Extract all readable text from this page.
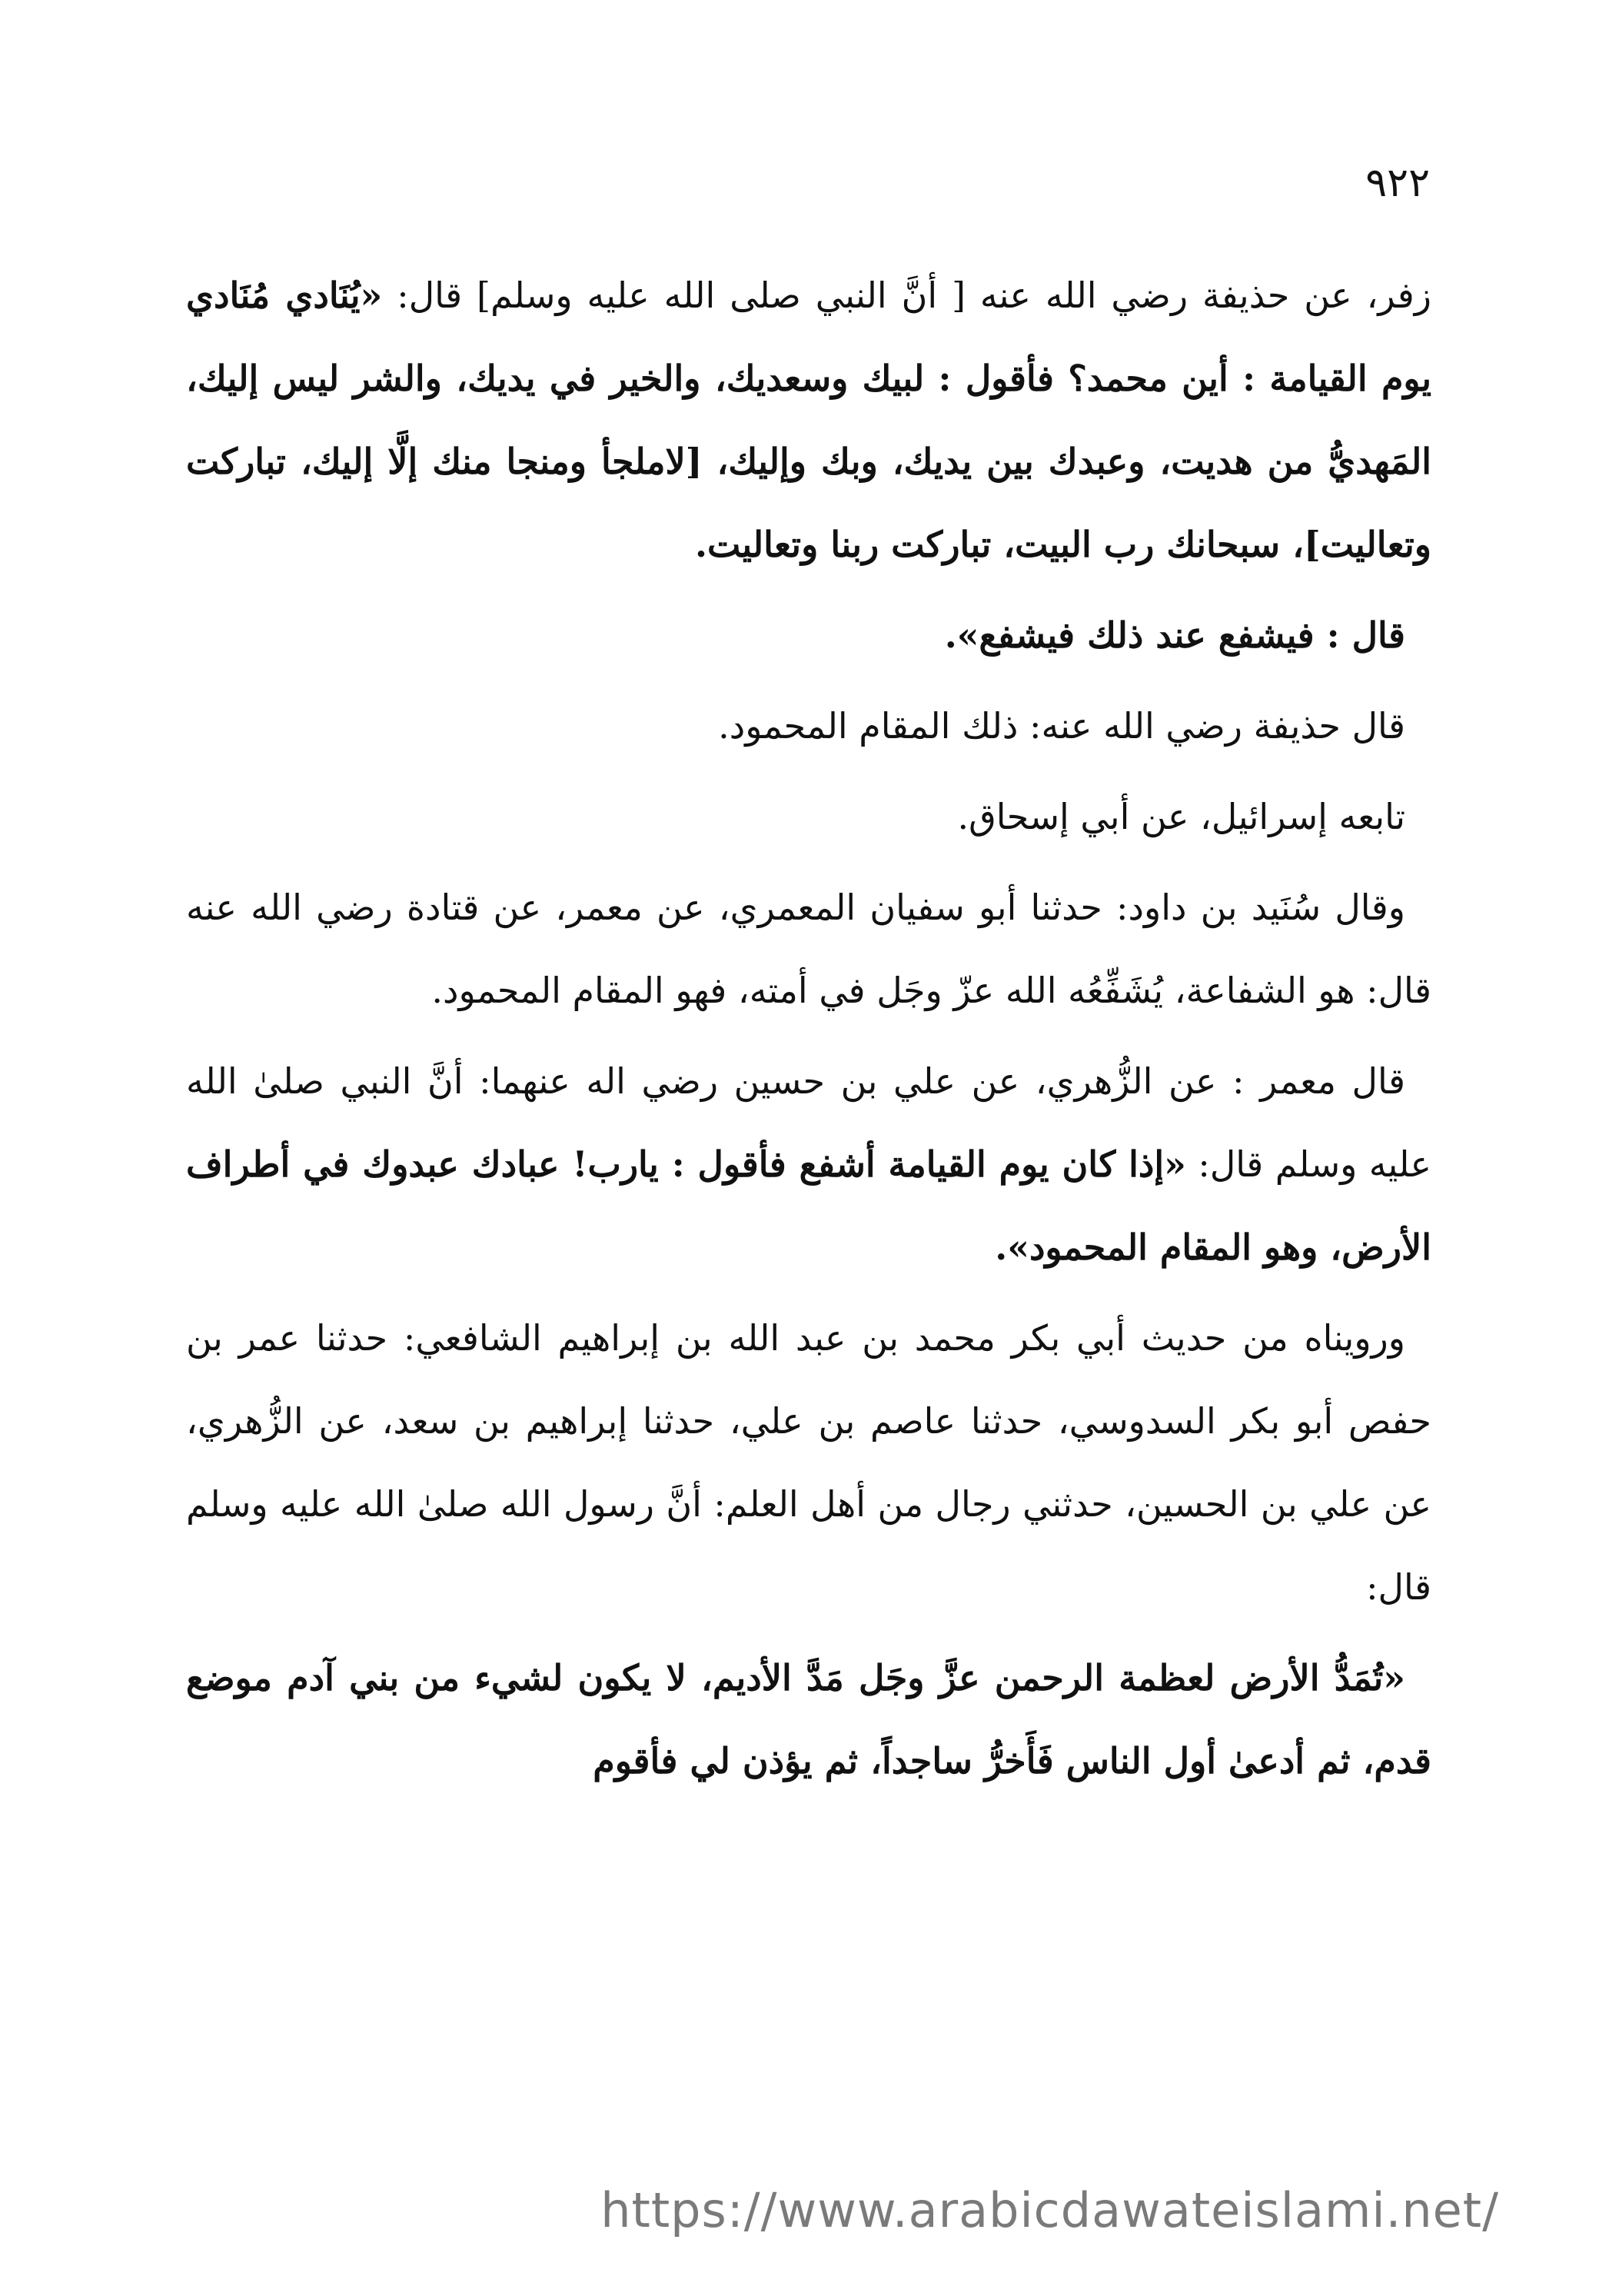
٩٢٢

زفر، عن حذيفة رضي الله عنه [ أنَّ النبي صلى الله عليه وسلم] قال: «يُنَادي مُنَادي يوم القيامة : أين محمد؟ فأقول : لبيك وسعديك، والخير في يديك، والشر ليس إليك، المَهديُّ من هديت، وعبدك بين يديك، وبك وإليك، [لاملجأ ومنجا منك إلَّا إليك، تباركت وتعاليت]، سبحانك رب البيت، تباركت ربنا وتعاليت.

قال : فيشفع عند ذلك فيشفع».

قال حذيفة رضي الله عنه: ذلك المقام المحمود.

تابعه إسرائيل، عن أبي إسحاق.

وقال سُنَيد بن داود: حدثنا أبو سفيان المعمري، عن معمر، عن قتادة رضي الله عنه قال: هو الشفاعة، يُشَفِّعُه الله عزّ وجَل في أمته، فهو المقام المحمود.

قال معمر : عن الزُّهري، عن علي بن حسين رضي اله عنهما: أنَّ النبي صلىٰ الله عليه وسلم قال: «إذا كان يوم القيامة أشفع فأقول : يارب! عبادك عبدوك في أطراف الأرض، وهو المقام المحمود».

ورويناه من حديث أبي بكر محمد بن عبد الله بن إبراهيم الشافعي: حدثنا عمر بن حفص أبو بكر السدوسي، حدثنا عاصم بن علي، حدثنا إبراهيم بن سعد، عن الزُّهري، عن علي بن الحسين، حدثني رجال من أهل العلم: أنَّ رسول الله صلىٰ الله عليه وسلم قال:

«تُمَدُّ الأرض لعظمة الرحمن عزَّ وجَل مَدَّ الأديم، لا يكون لشيء من بني آدم موضع قدم، ثم أدعىٰ أول الناس فَأَخرُّ ساجداً، ثم يؤذن لي فأقوم

https://www.arabicdawateislami.net/
